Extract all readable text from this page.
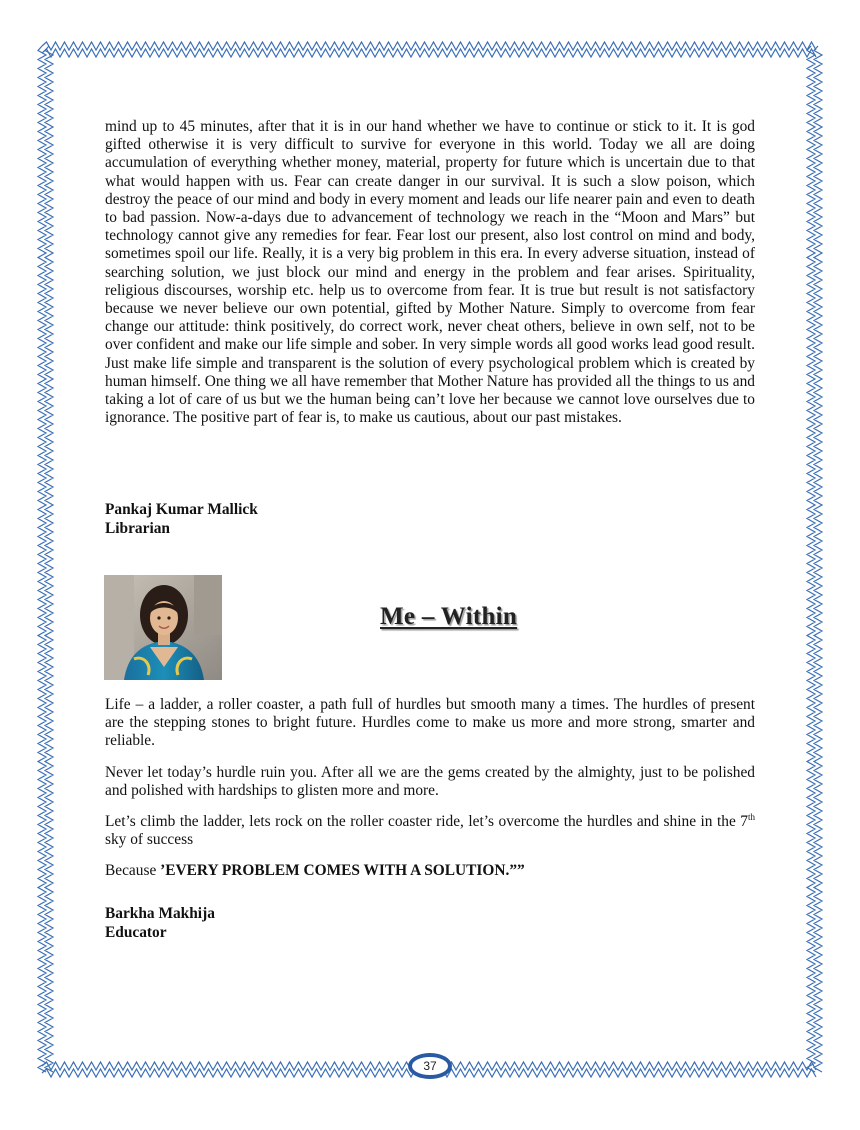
mind up to 45 minutes, after that it is in our hand whether we have to continue or stick to it. It is god gifted otherwise it is very difficult to survive for everyone in this world. Today we all are doing accumulation of everything whether money, material, property for future which is uncertain due to that what would happen with us. Fear can create danger in our survival. It is such a slow poison, which destroy the peace of our mind and body in every moment and leads our life nearer pain and even to death to bad passion. Now-a-days due to advancement of technology we reach in the “Moon and Mars” but technology cannot give any remedies for fear. Fear lost our present, also lost control on mind and body, sometimes spoil our life. Really, it is a very big problem in this era. In every adverse situation, instead of searching solution, we just block our mind and energy in the problem and fear arises. Spirituality, religious discourses, worship etc. help us to overcome from fear. It is true but result is not satisfactory because we never believe our own potential, gifted by Mother Nature. Simply to overcome from fear change our attitude: think positively, do correct work, never cheat others, believe in own self, not to be over confident and make our life simple and sober. In very simple words all good works lead good result. Just make life simple and transparent is the solution of every psychological problem which is created by human himself. One thing we all have remember that Mother Nature has provided all the things to us and taking a lot of care of us but we the human being can’t love her because we cannot love ourselves due to ignorance. The positive part of fear is, to make us cautious, about our past mistakes.
Pankaj Kumar Mallick
Librarian
Me – Within

Life – a ladder, a roller coaster, a path full of hurdles but smooth many a times. The hurdles of present are the stepping stones to bright future. Hurdles come to make us more and more strong, smarter and reliable.

Never let today’s hurdle ruin you. After all we are the gems created by the almighty, just to be polished and polished with hardships to glisten more and more.

Let’s climb the ladder, lets rock on the roller coaster ride, let’s overcome the hurdles and shine in the 7th sky of success

Because ’EVERY PROBLEM COMES WITH A SOLUTION.””

Barkha Makhija
Educator
37
